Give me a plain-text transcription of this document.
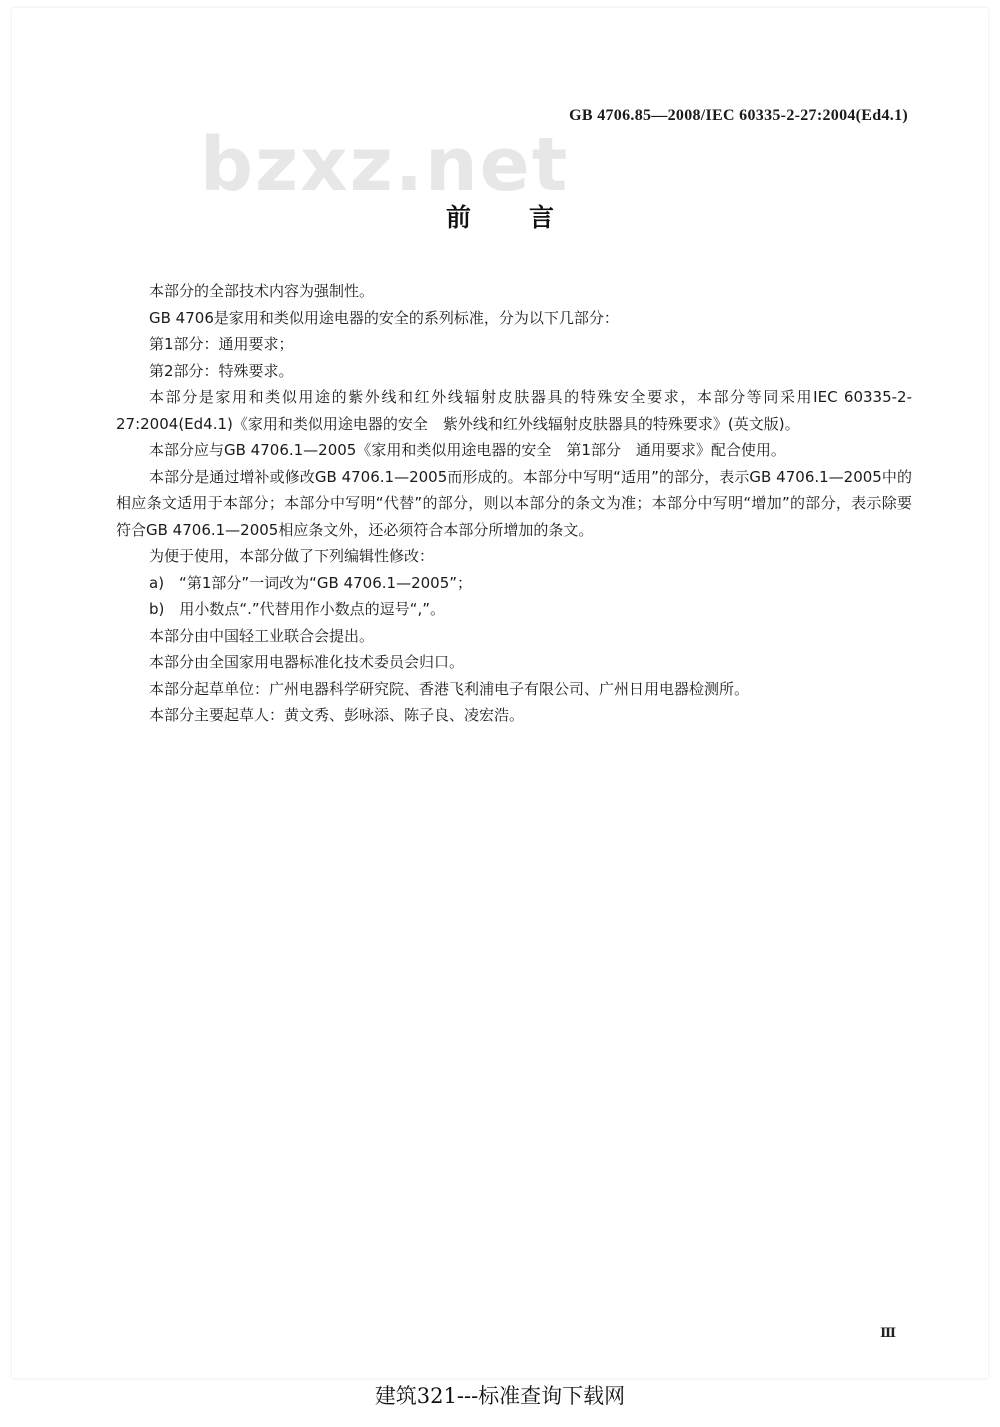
GB 4706.85—2008/IEC 60335-2-27:2004(Ed4.1)
bzxz.net
前言

本部分的全部技术内容为强制性。

GB 4706是家用和类似用途电器的安全的系列标准，分为以下几部分：

第1部分：通用要求；

第2部分：特殊要求。

本部分是家用和类似用途的紫外线和红外线辐射皮肤器具的特殊安全要求，本部分等同采用IEC 60335-2-27:2004(Ed4.1)《家用和类似用途电器的安全　紫外线和红外线辐射皮肤器具的特殊要求》(英文版)。

本部分应与GB 4706.1—2005《家用和类似用途电器的安全　第1部分　通用要求》配合使用。

本部分是通过增补或修改GB 4706.1—2005而形成的。本部分中写明“适用”的部分，表示GB 4706.1—2005中的相应条文适用于本部分；本部分中写明“代替”的部分，则以本部分的条文为准；本部分中写明“增加”的部分，表示除要符合GB 4706.1—2005相应条文外，还必须符合本部分所增加的条文。

为便于使用，本部分做了下列编辑性修改：

a)　“第1部分”一词改为“GB 4706.1—2005”；

b)　用小数点“.”代替用作小数点的逗号“,”。

本部分由中国轻工业联合会提出。

本部分由全国家用电器标准化技术委员会归口。

本部分起草单位：广州电器科学研究院、香港飞利浦电子有限公司、广州日用电器检测所。

本部分主要起草人：黄文秀、彭咏添、陈子良、凌宏浩。

Ⅲ
建筑321---标准查询下载网
